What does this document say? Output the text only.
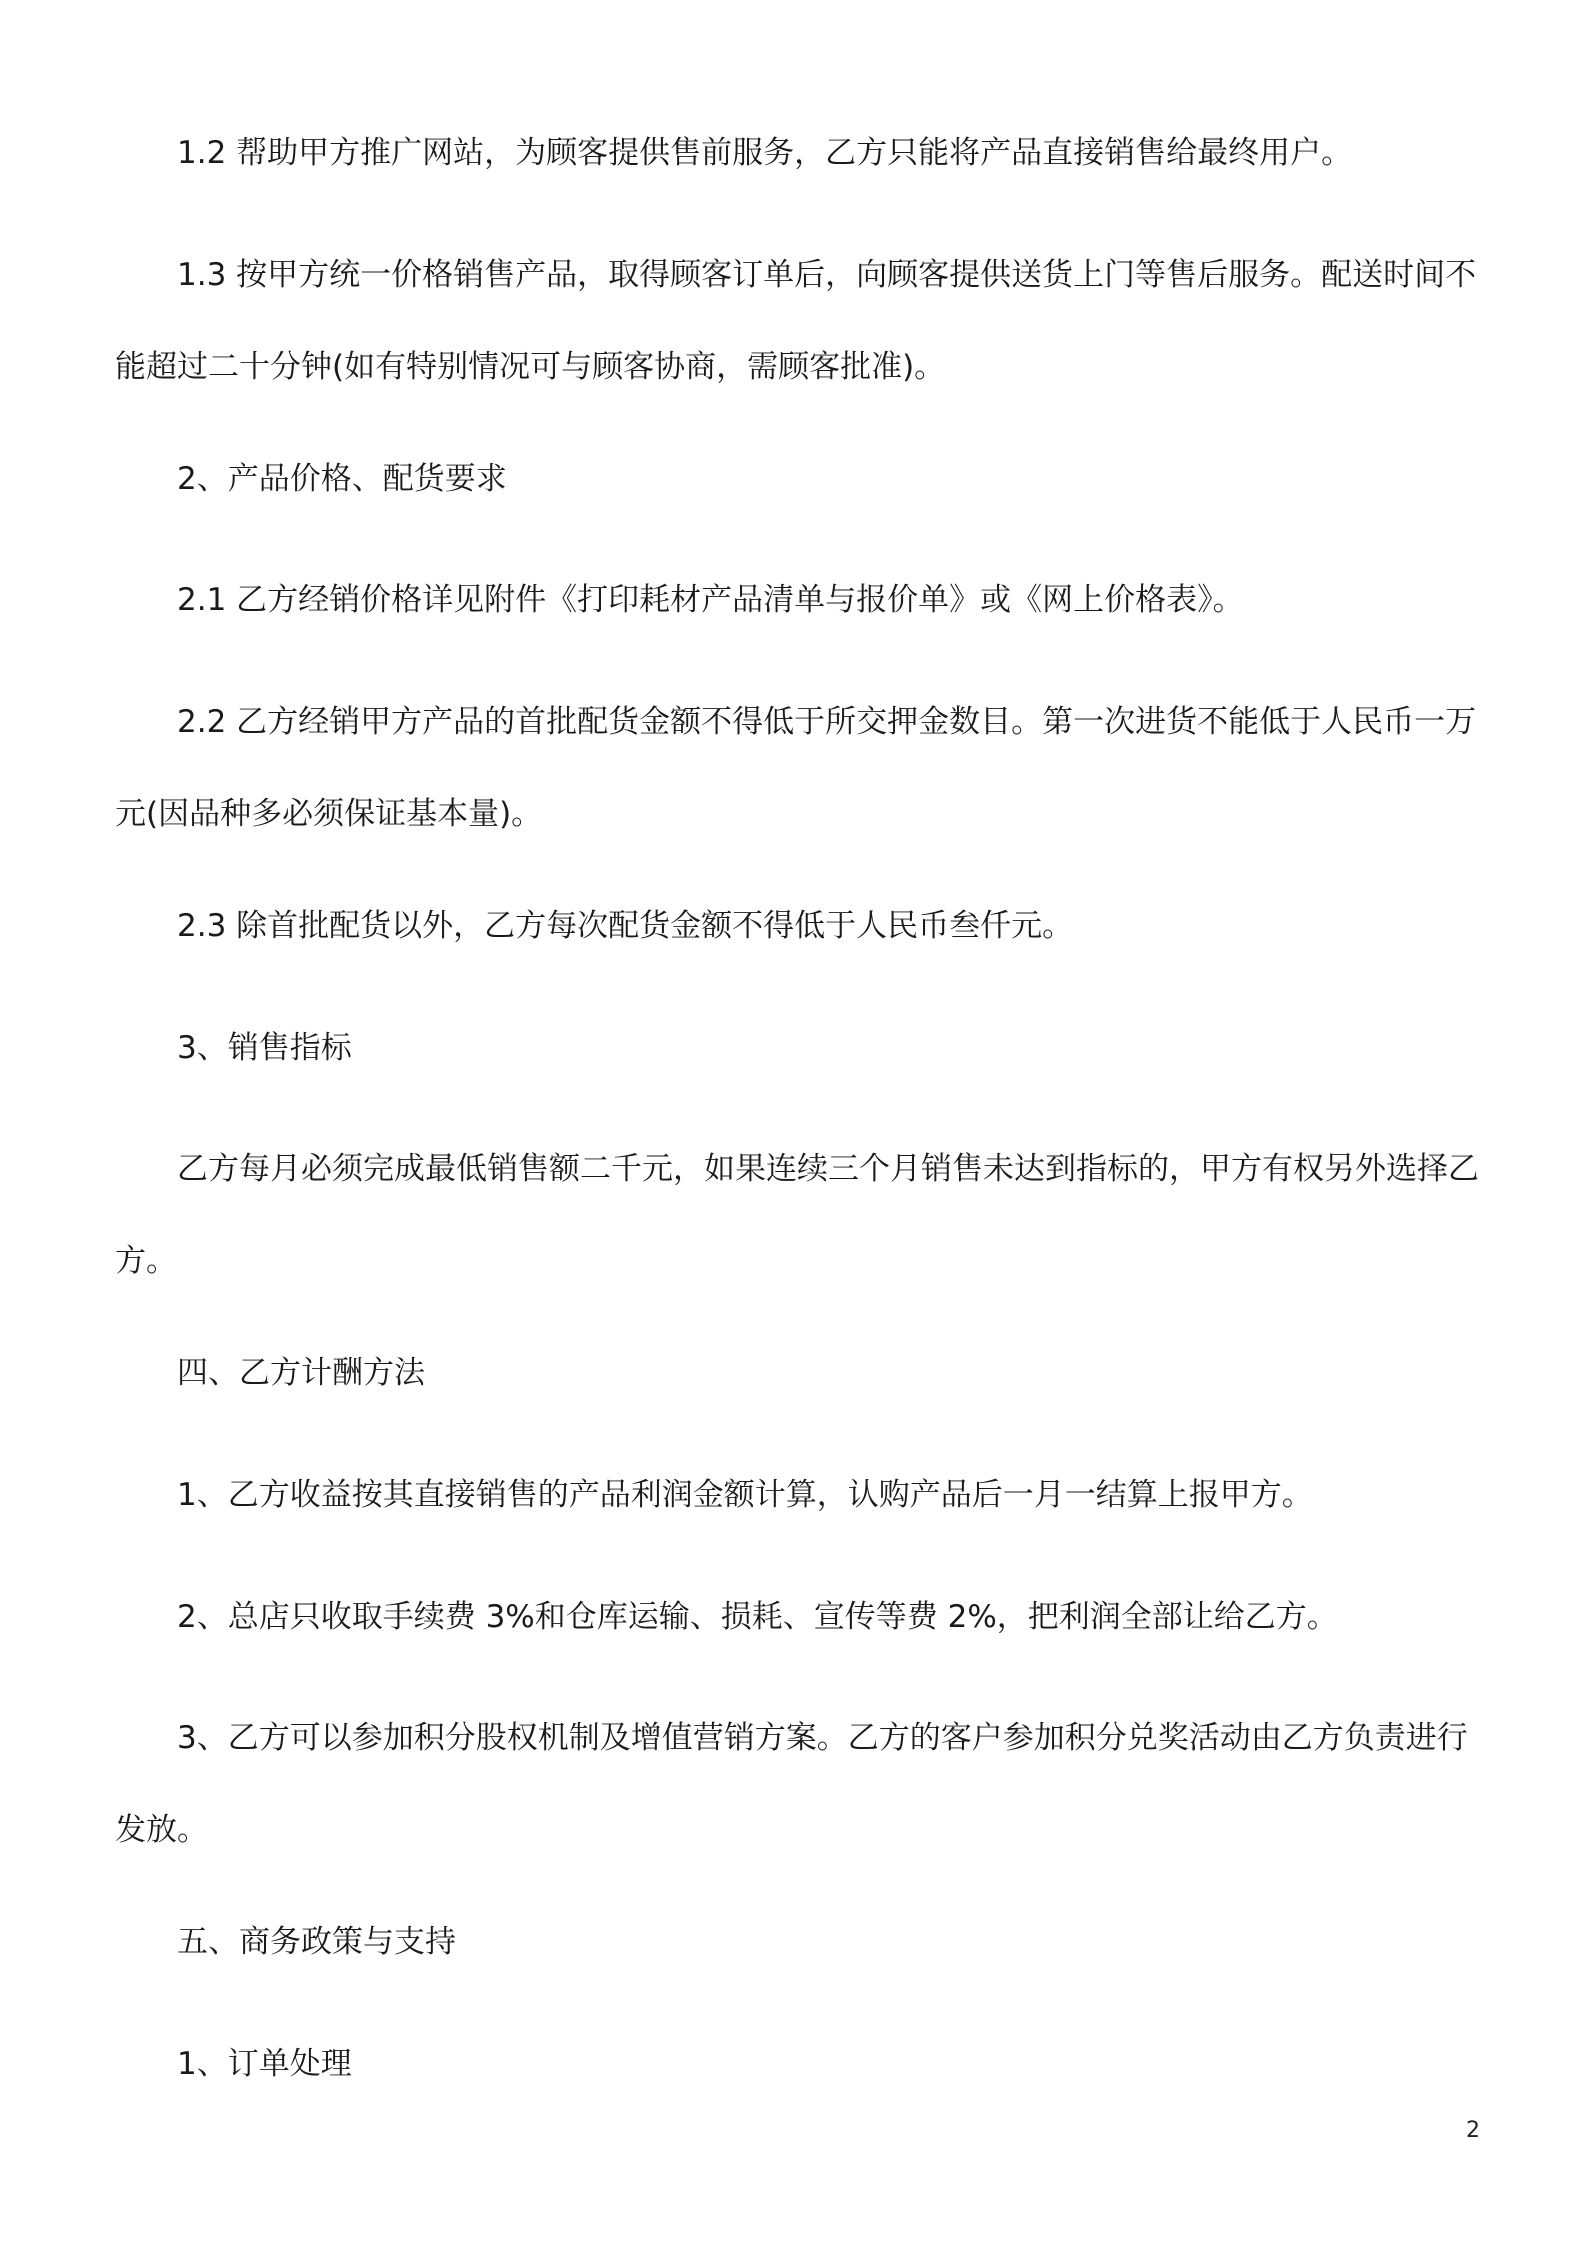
1.2 帮助甲方推广网站，为顾客提供售前服务，乙方只能将产品直接销售给最终用户。

1.3 按甲方统一价格销售产品，取得顾客订单后，向顾客提供送货上门等售后服务。配送时间不能超过二十分钟(如有特别情况可与顾客协商，需顾客批准)。

2、产品价格、配货要求

2.1 乙方经销价格详见附件《打印耗材产品清单与报价单》或《网上价格表》。

2.2 乙方经销甲方产品的首批配货金额不得低于所交押金数目。第一次进货不能低于人民币一万元(因品种多必须保证基本量)。

2.3 除首批配货以外，乙方每次配货金额不得低于人民币叁仟元。

3、销售指标

乙方每月必须完成最低销售额二千元，如果连续三个月销售未达到指标的，甲方有权另外选择乙方。

四、乙方计酬方法

1、乙方收益按其直接销售的产品利润金额计算，认购产品后一月一结算上报甲方。

2、总店只收取手续费 3%和仓库运输、损耗、宣传等费 2%，把利润全部让给乙方。

3、乙方可以参加积分股权机制及增值营销方案。乙方的客户参加积分兑奖活动由乙方负责进行发放。

五、商务政策与支持

1、订单处理

2
